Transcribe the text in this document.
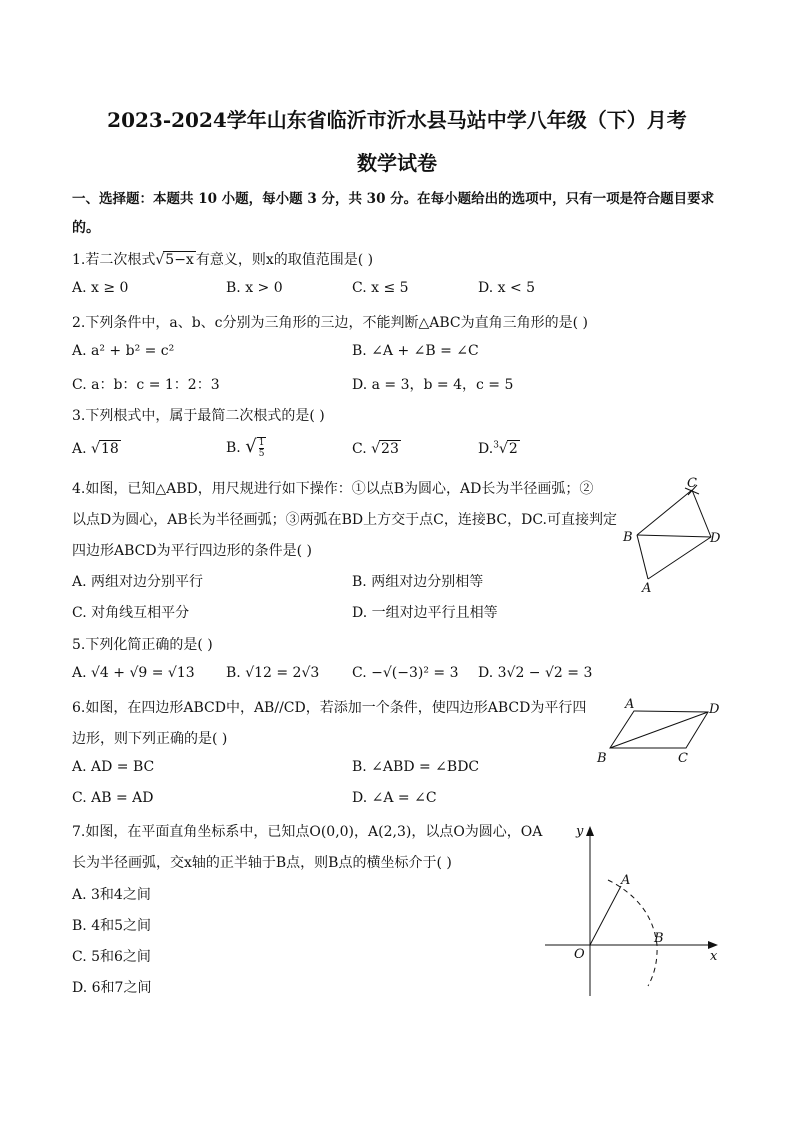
2023-2024学年山东省临沂市沂水县马站中学八年级（下）月考
数学试卷
一、选择题：本题共 10 小题，每小题 3 分，共 30 分。在每小题给出的选项中，只有一项是符合题目要求
的。
1.若二次根式√5−x 有意义，则x的取值范围是( )
A. x ≥ 0	B. x > 0	C. x ≤ 5	D. x < 5
2.下列条件中，a、b、c分别为三角形的三边，不能判断△ABC为直角三角形的是( )
A. a² + b² = c²	B. ∠A + ∠B = ∠C
C. a：b：c = 1：2：3	D. a = 3，b = 4，c = 5
3.下列根式中，属于最简二次根式的是( )
A. √18	B. √ $\frac{1}{5}$	C. √23	D.$^3$√2
4.如图，已知△ABD，用尺规进行如下操作：①以点B为圆心，AD长为半径画弧；②
以点D为圆心，AB长为半径画弧；③两弧在BD上方交于点C，连接BC，DC.可直接判定
四边形ABCD为平行四边形的条件是( )
A. 两组对边分别平行	B. 两组对边分别相等
C. 对角线互相平分	D. 一组对边平行且相等
C
B	D
A
5.下列化简正确的是( )
A. √4 + √9 = √13 B. √12 = 2√3 C. −√(−3)² = 3 D. 3√2 − √2 = 3
6.如图，在四边形ABCD中，AB//CD，若添加一个条件，使四边形ABCD为平行四
边形，则下列正确的是( )
A. AD = BC	B. ∠ABD = ∠BDC
C. AB = AD	D. ∠A = ∠C
A	D
B	C
7.如图，在平面直角坐标系中，已知点O(0,0)，A(2,3)，以点O为圆心，OA
长为半径画弧，交x轴的正半轴于B点，则B点的横坐标介于( )
A. 3和4之间
B. 4和5之间
C. 5和6之间
D. 6和7之间
y
x
O
A
B
